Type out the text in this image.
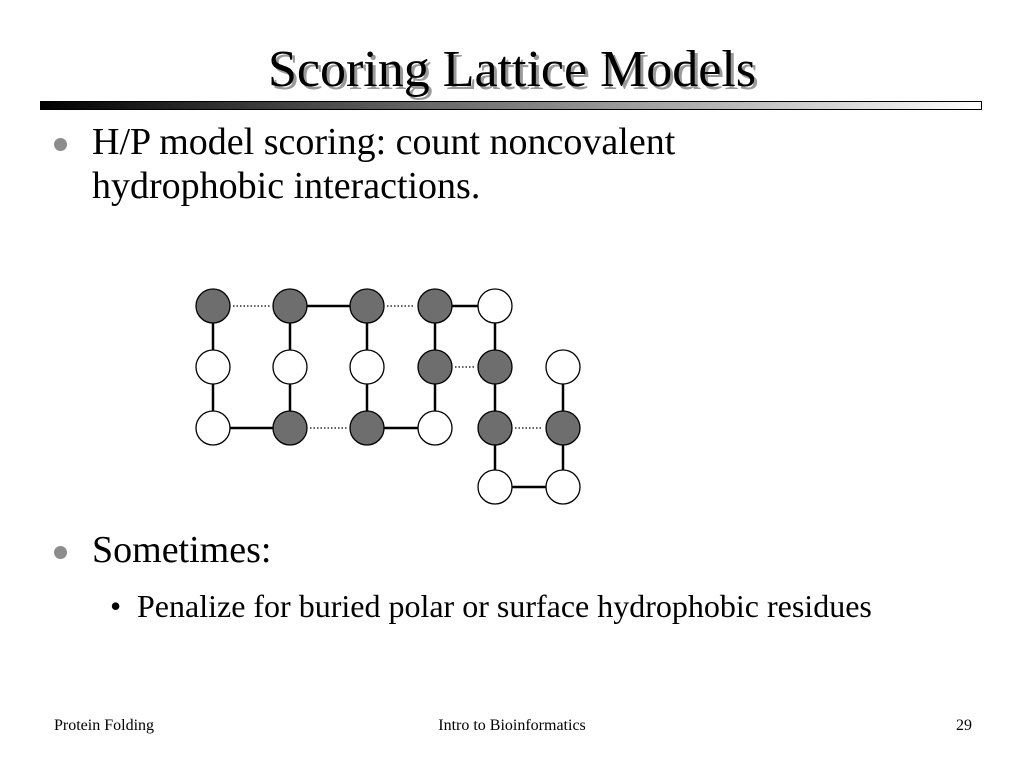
Scoring Lattice Models
H/P model scoring: count noncovalent hydrophobic interactions.
Sometimes:
• Penalize for buried polar or surface hydrophobic residues
Protein Folding	Intro to Bioinformatics	29
